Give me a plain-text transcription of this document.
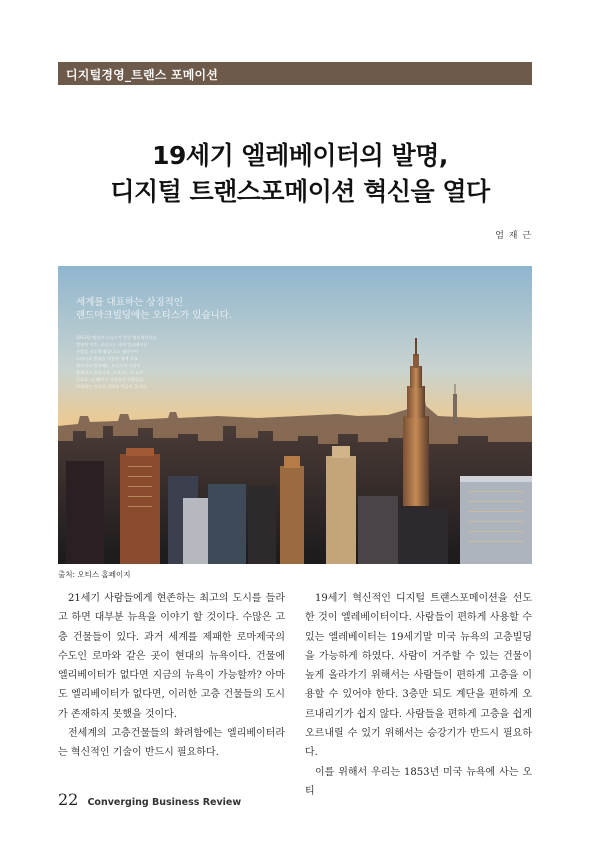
디지털경영_트랜스 포메이션
19세기 엘레베이터의 발명,
디지털 트랜스포메이션 혁신을 열다
엄 재 근
세계를 대표하는 상징적인
랜드마크빌딩에는 오티스가 있습니다.
1853년 엘리샤 오티스가 안전 엘리베이터를
발명한 이후, 오티스는 세계 엘리베이터
산업을 선도해 왔습니다. 엠파이어
스테이트 빌딩을 비롯한 세계 주요
랜드마크 빌딩에는 오티스의 기술이
함께하고 있습니다. 오티스는 더 높은
곳으로, 더 빠르고 안전하게 사람들을
연결하는 이동의 미래를 만들어 갑니다.
출처: 오티스 홈페이지

21세기 사람들에게 현존하는 최고의 도시를 들라고 하면 대부분 뉴욕을 이야기 할 것이다. 수많은 고층 건물들이 있다. 과거 세계를 제패한 로마제국의 수도인 로마와 같은 곳이 현대의 뉴욕이다. 건물에 엘리베이터가 없다면 지금의 뉴욕이 가능할까? 아마도 엘리베이터가 없다면, 이러한 고층 건물들의 도시가 존재하지 못했을 것이다.

전세계의 고층건물들의 화려함에는 엘리베이터라는 혁신적인 기술이 반드시 필요하다.

19세기 혁신적인 디지털 트랜스포메이션을 선도한 것이 엘레베이터이다. 사람들이 편하게 사용할 수 있는 엘레베이터는 19세기말 미국 뉴욕의 고층빌딩을 가능하게 하였다. 사람이 거주할 수 있는 건물이 높게 올라가기 위해서는 사람들이 편하게 고층을 이용할 수 있어야 한다. 3층만 되도 계단을 편하게 오르내리기가 쉽지 않다. 사람들을 편하게 고층을 쉽게 오르내릴 수 있기 위해서는 승강기가 반드시 필요하다.

이를 위해서 우리는 1853년 미국 뉴욕에 사는 오티

22 Converging Business Review
